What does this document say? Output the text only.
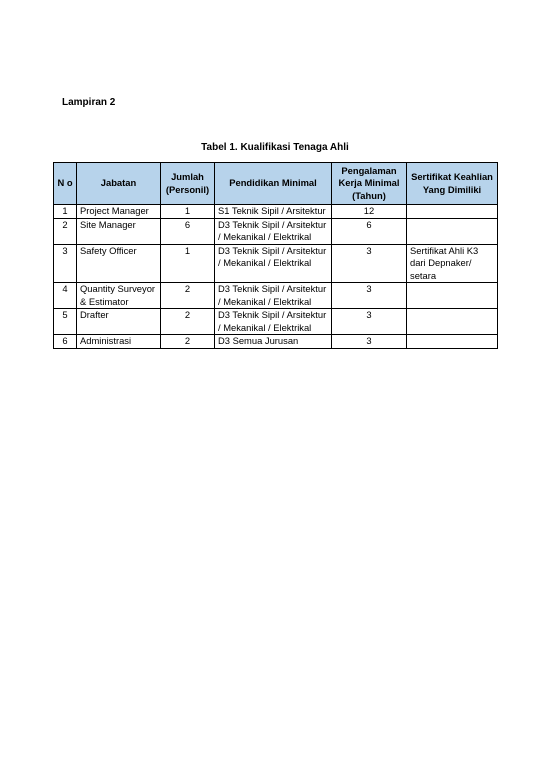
Lampiran 2
Tabel 1. Kualifikasi Tenaga Ahli
N o	Jabatan	Jumlah (Personil)	Pendidikan Minimal	Pengalaman Kerja Minimal (Tahun)	Sertifikat Keahlian Yang Dimiliki
1	Project Manager	1	S1 Teknik Sipil / Arsitektur	12	
2	Site Manager	6	D3 Teknik Sipil / Arsitektur / Mekanikal / Elektrikal	6	
3	Safety Officer	1	D3 Teknik Sipil / Arsitektur / Mekanikal / Elektrikal	3	Sertifikat Ahli K3 dari Depnaker/ setara
4	Quantity Surveyor & Estimator	2	D3 Teknik Sipil / Arsitektur / Mekanikal / Elektrikal	3	
5	Drafter	2	D3 Teknik Sipil / Arsitektur / Mekanikal / Elektrikal	3	
6	Administrasi	2	D3 Semua Jurusan	3	
